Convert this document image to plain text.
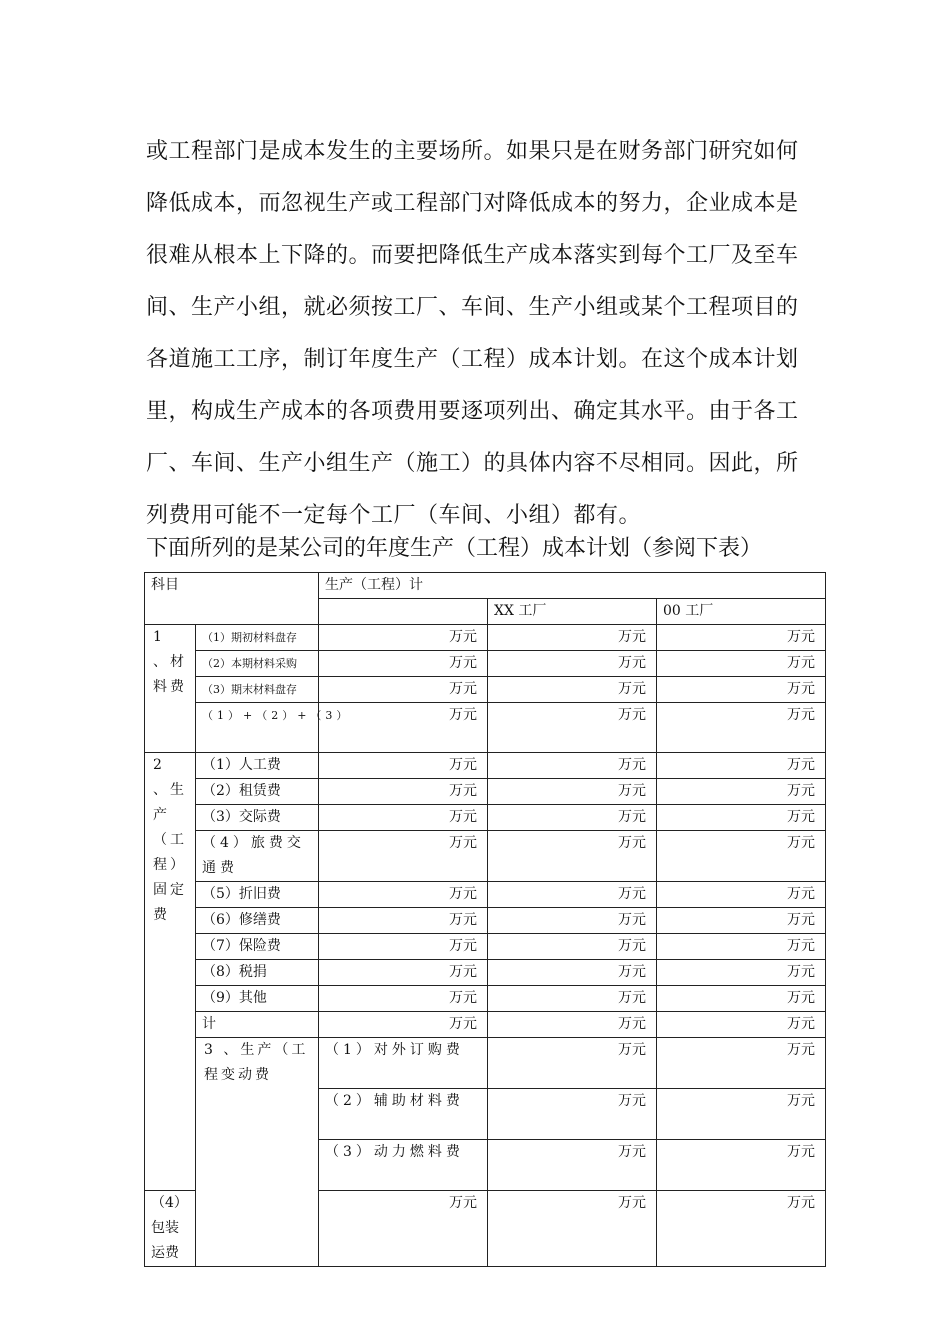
或工程部门是成本发生的主要场所。如果只是在财务部门研究如何
降低成本，而忽视生产或工程部门对降低成本的努力，企业成本是
很难从根本上下降的。而要把降低生产成本落实到每个工厂及至车
间、生产小组，就必须按工厂、车间、生产小组或某个工程项目的
各道施工工序，制订年度生产（工程）成本计划。在这个成本计划
里，构成生产成本的各项费用要逐项列出、确定其水平。由于各工
厂、车间、生产小组生产（施工）的具体内容不尽相同。因此，所
列费用可能不一定每个工厂（车间、小组）都有。
下面所列的是某公司的年度生产（工程）成本计划（参阅下表）
科目		生产（工程）计			
			XX 工厂	00 工厂	
1 、材料费	（1）期初材料盘存	万元	万元	万元	
	（2）本期材料采购	万元	万元	万元	
	（3）期末材料盘存	万元	万元	万元	
	（1）+（2）+（3）	万元	万元	万元	
2 、生产（工程）固定费	（1）人工费	万元	万元	万元	
	（2）租赁费	万元	万元	万元	
	（3）交际费	万元	万元	万元	
	（4）旅费交通费	万元	万元	万元	
	（5）折旧费	万元	万元	万元	
	（6）修缮费	万元	万元	万元	
	（7）保险费	万元	万元	万元	
	（8）税捐	万元	万元	万元	
	（9）其他	万元	万元	万元	
	计	万元	万元	万元	
	3 、生产（工程变动费	（1）对外订购费	万元	万元	
		（2）辅助材料费	万元	万元	
		（3）动力燃料费	万元	万元	
（4）包装运费		万元	万元	万元	
